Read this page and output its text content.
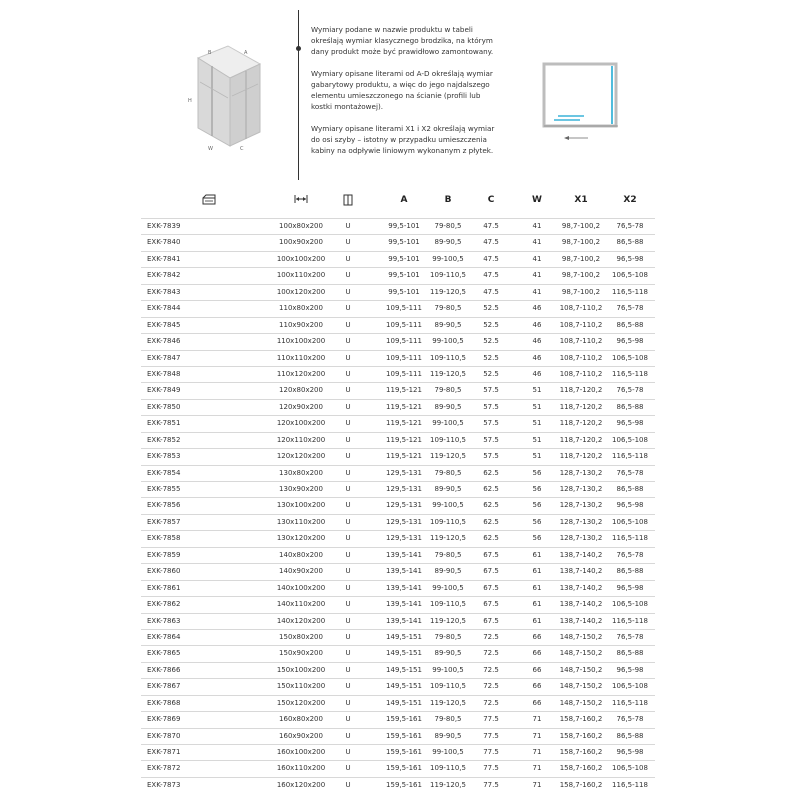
H
B	A
W	C

Wymiary podane w nazwie produktu w tabeli określają wymiar klasycznego brodzika, na którym dany produkt może być prawidłowo zamontowany.

Wymiary opisane literami od A-D określają wymiar gabarytowy produktu, a więc do jego najdalszego elementu umieszczonego na ścianie (profili lub kostki montażowej).

Wymiary opisane literami X1 i X2 określają wymiar do osi szyby – istotny w przypadku umieszczenia kabiny na odpływie liniowym wykonanym z płytek.

A	B	C	W	X1	X2
EXK-7839	100x80x200	U	99,5-101	79-80,5	47.5	41	98,7-100,2	76,5-78
EXK-7840	100x90x200	U	99,5-101	89-90,5	47.5	41	98,7-100,2	86,5-88
EXK-7841	100x100x200	U	99,5-101	99-100,5	47.5	41	98,7-100,2	96,5-98
EXK-7842	100x110x200	U	99,5-101	109-110,5	47.5	41	98,7-100,2	106,5-108
EXK-7843	100x120x200	U	99,5-101	119-120,5	47.5	41	98,7-100,2	116,5-118
EXK-7844	110x80x200	U	109,5-111	79-80,5	52.5	46	108,7-110,2	76,5-78
EXK-7845	110x90x200	U	109,5-111	89-90,5	52.5	46	108,7-110,2	86,5-88
EXK-7846	110x100x200	U	109,5-111	99-100,5	52.5	46	108,7-110,2	96,5-98
EXK-7847	110x110x200	U	109,5-111	109-110,5	52.5	46	108,7-110,2	106,5-108
EXK-7848	110x120x200	U	109,5-111	119-120,5	52.5	46	108,7-110,2	116,5-118
EXK-7849	120x80x200	U	119,5-121	79-80,5	57.5	51	118,7-120,2	76,5-78
EXK-7850	120x90x200	U	119,5-121	89-90,5	57.5	51	118,7-120,2	86,5-88
EXK-7851	120x100x200	U	119,5-121	99-100,5	57.5	51	118,7-120,2	96,5-98
EXK-7852	120x110x200	U	119,5-121	109-110,5	57.5	51	118,7-120,2	106,5-108
EXK-7853	120x120x200	U	119,5-121	119-120,5	57.5	51	118,7-120,2	116,5-118
EXK-7854	130x80x200	U	129,5-131	79-80,5	62.5	56	128,7-130,2	76,5-78
EXK-7855	130x90x200	U	129,5-131	89-90,5	62.5	56	128,7-130,2	86,5-88
EXK-7856	130x100x200	U	129,5-131	99-100,5	62.5	56	128,7-130,2	96,5-98
EXK-7857	130x110x200	U	129,5-131	109-110,5	62.5	56	128,7-130,2	106,5-108
EXK-7858	130x120x200	U	129,5-131	119-120,5	62.5	56	128,7-130,2	116,5-118
EXK-7859	140x80x200	U	139,5-141	79-80,5	67.5	61	138,7-140,2	76,5-78
EXK-7860	140x90x200	U	139,5-141	89-90,5	67.5	61	138,7-140,2	86,5-88
EXK-7861	140x100x200	U	139,5-141	99-100,5	67.5	61	138,7-140,2	96,5-98
EXK-7862	140x110x200	U	139,5-141	109-110,5	67.5	61	138,7-140,2	106,5-108
EXK-7863	140x120x200	U	139,5-141	119-120,5	67.5	61	138,7-140,2	116,5-118
EXK-7864	150x80x200	U	149,5-151	79-80,5	72.5	66	148,7-150,2	76,5-78
EXK-7865	150x90x200	U	149,5-151	89-90,5	72.5	66	148,7-150,2	86,5-88
EXK-7866	150x100x200	U	149,5-151	99-100,5	72.5	66	148,7-150,2	96,5-98
EXK-7867	150x110x200	U	149,5-151	109-110,5	72.5	66	148,7-150,2	106,5-108
EXK-7868	150x120x200	U	149,5-151	119-120,5	72.5	66	148,7-150,2	116,5-118
EXK-7869	160x80x200	U	159,5-161	79-80,5	77.5	71	158,7-160,2	76,5-78
EXK-7870	160x90x200	U	159,5-161	89-90,5	77.5	71	158,7-160,2	86,5-88
EXK-7871	160x100x200	U	159,5-161	99-100,5	77.5	71	158,7-160,2	96,5-98
EXK-7872	160x110x200	U	159,5-161	109-110,5	77.5	71	158,7-160,2	106,5-108
EXK-7873	160x120x200	U	159,5-161	119-120,5	77.5	71	158,7-160,2	116,5-118
